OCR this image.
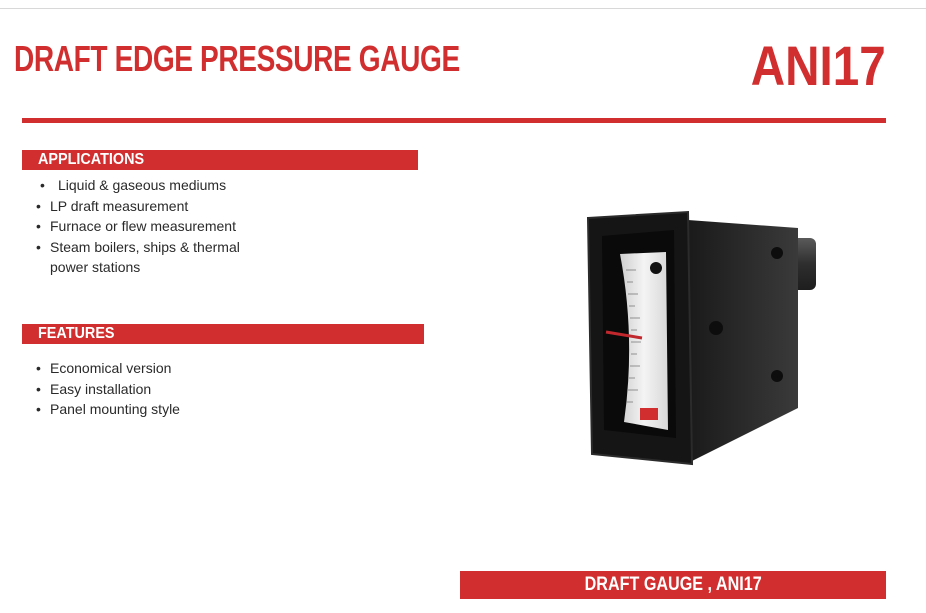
DRAFT EDGE PRESSURE GAUGE	ANI17
APPLICATIONS
• Liquid & gaseous mediums
• LP draft measurement
• Furnace or flew measurement
• Steam boilers, ships & thermal
power stations
FEATURES
• Economical version
• Easy installation
• Panel mounting style
DRAFT GAUGE , ANI17
